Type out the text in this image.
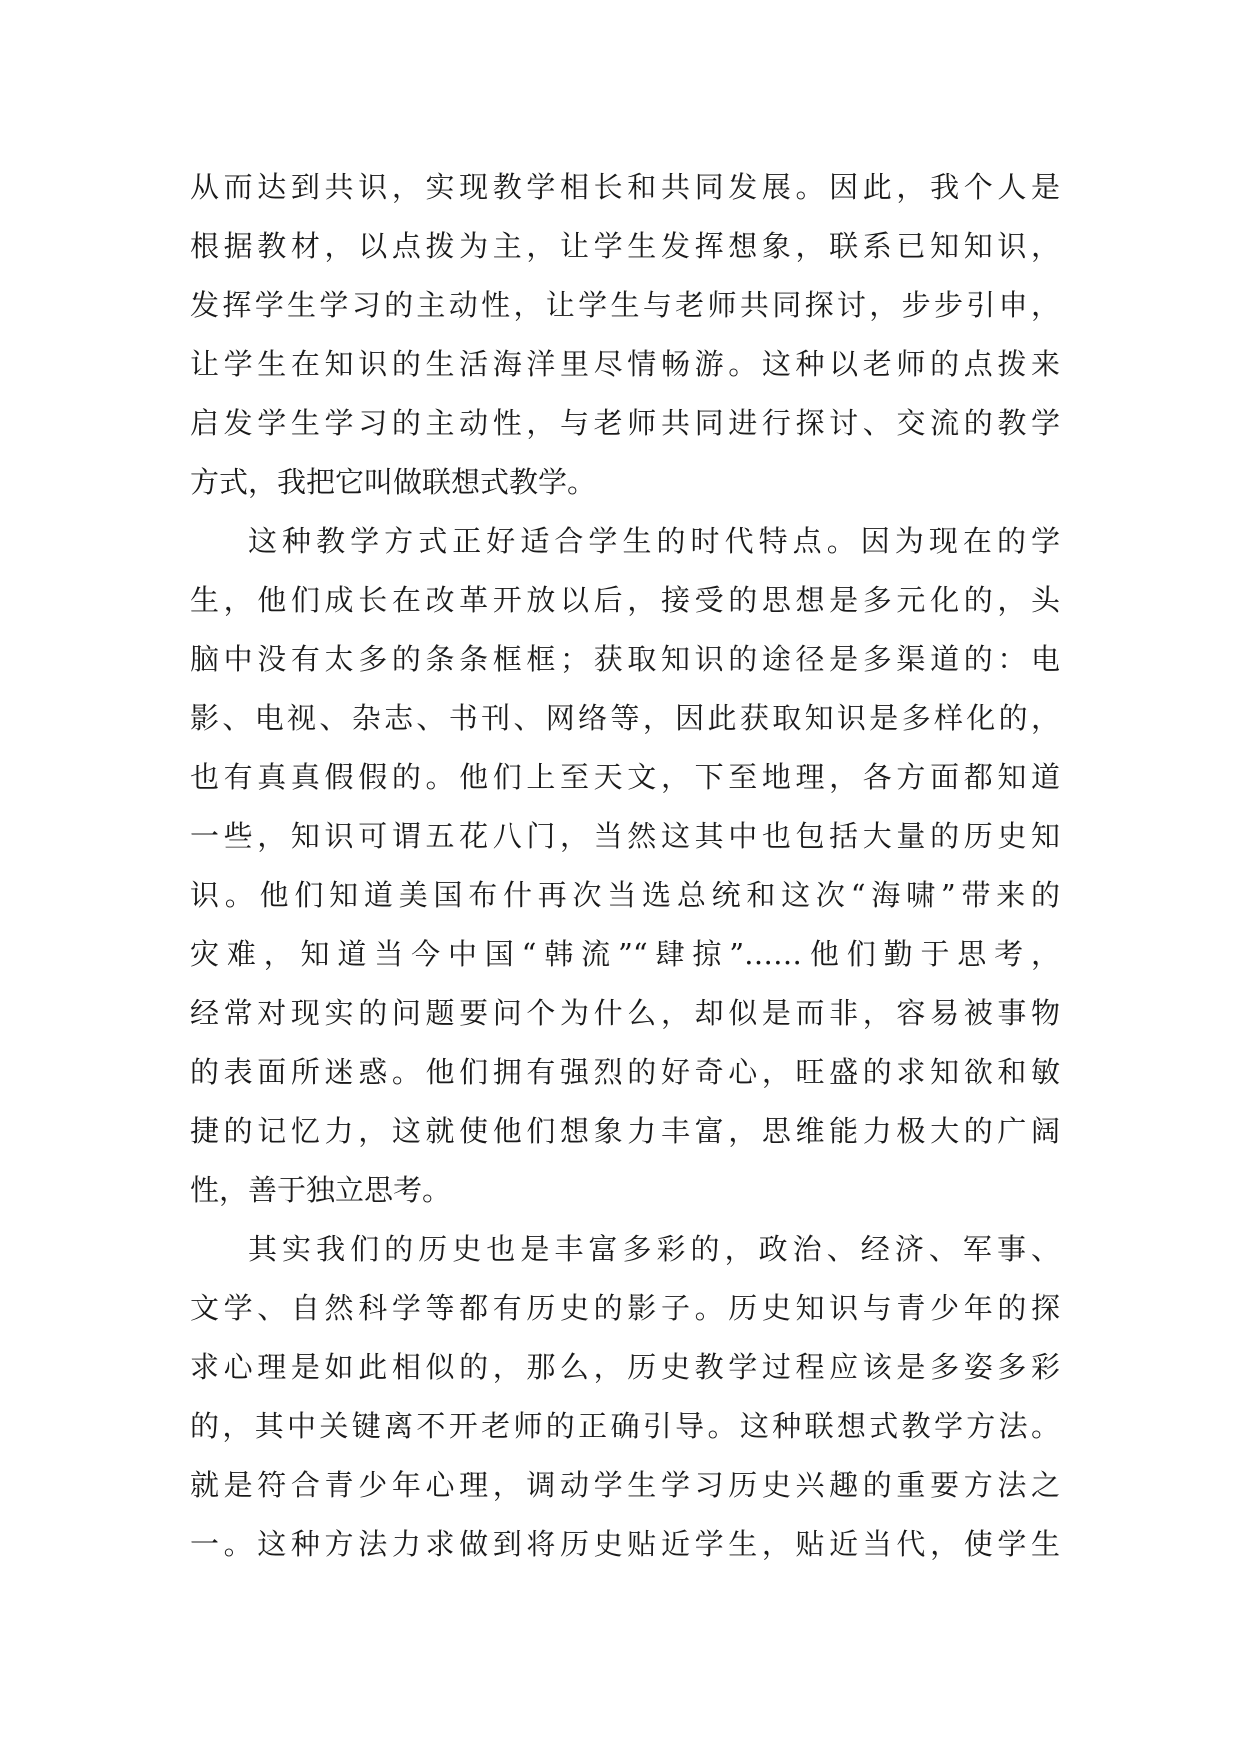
从而达到共识，实现教学相长和共同发展。因此，我个人是
根据教材，以点拨为主，让学生发挥想象，联系已知知识，
发挥学生学习的主动性，让学生与老师共同探讨，步步引申，
让学生在知识的生活海洋里尽情畅游。这种以老师的点拨来
启发学生学习的主动性，与老师共同进行探讨、交流的教学
方式，我把它叫做联想式教学。
这种教学方式正好适合学生的时代特点。因为现在的学
生，他们成长在改革开放以后，接受的思想是多元化的，头
脑中没有太多的条条框框；获取知识的途径是多渠道的：电
影、电视、杂志、书刊、网络等，因此获取知识是多样化的，
也有真真假假的。他们上至天文，下至地理，各方面都知道
一些，知识可谓五花八门，当然这其中也包括大量的历史知
识。他们知道美国布什再次当选总统和这次“海啸”带来的
灾难，知道当今中国“韩流”“肆掠”……他们勤于思考，
经常对现实的问题要问个为什么，却似是而非，容易被事物
的表面所迷惑。他们拥有强烈的好奇心，旺盛的求知欲和敏
捷的记忆力，这就使他们想象力丰富，思维能力极大的广阔
性，善于独立思考。
其实我们的历史也是丰富多彩的，政治、经济、军事、
文学、自然科学等都有历史的影子。历史知识与青少年的探
求心理是如此相似的，那么，历史教学过程应该是多姿多彩
的，其中关键离不开老师的正确引导。这种联想式教学方法。
就是符合青少年心理，调动学生学习历史兴趣的重要方法之
一。这种方法力求做到将历史贴近学生，贴近当代，使学生
